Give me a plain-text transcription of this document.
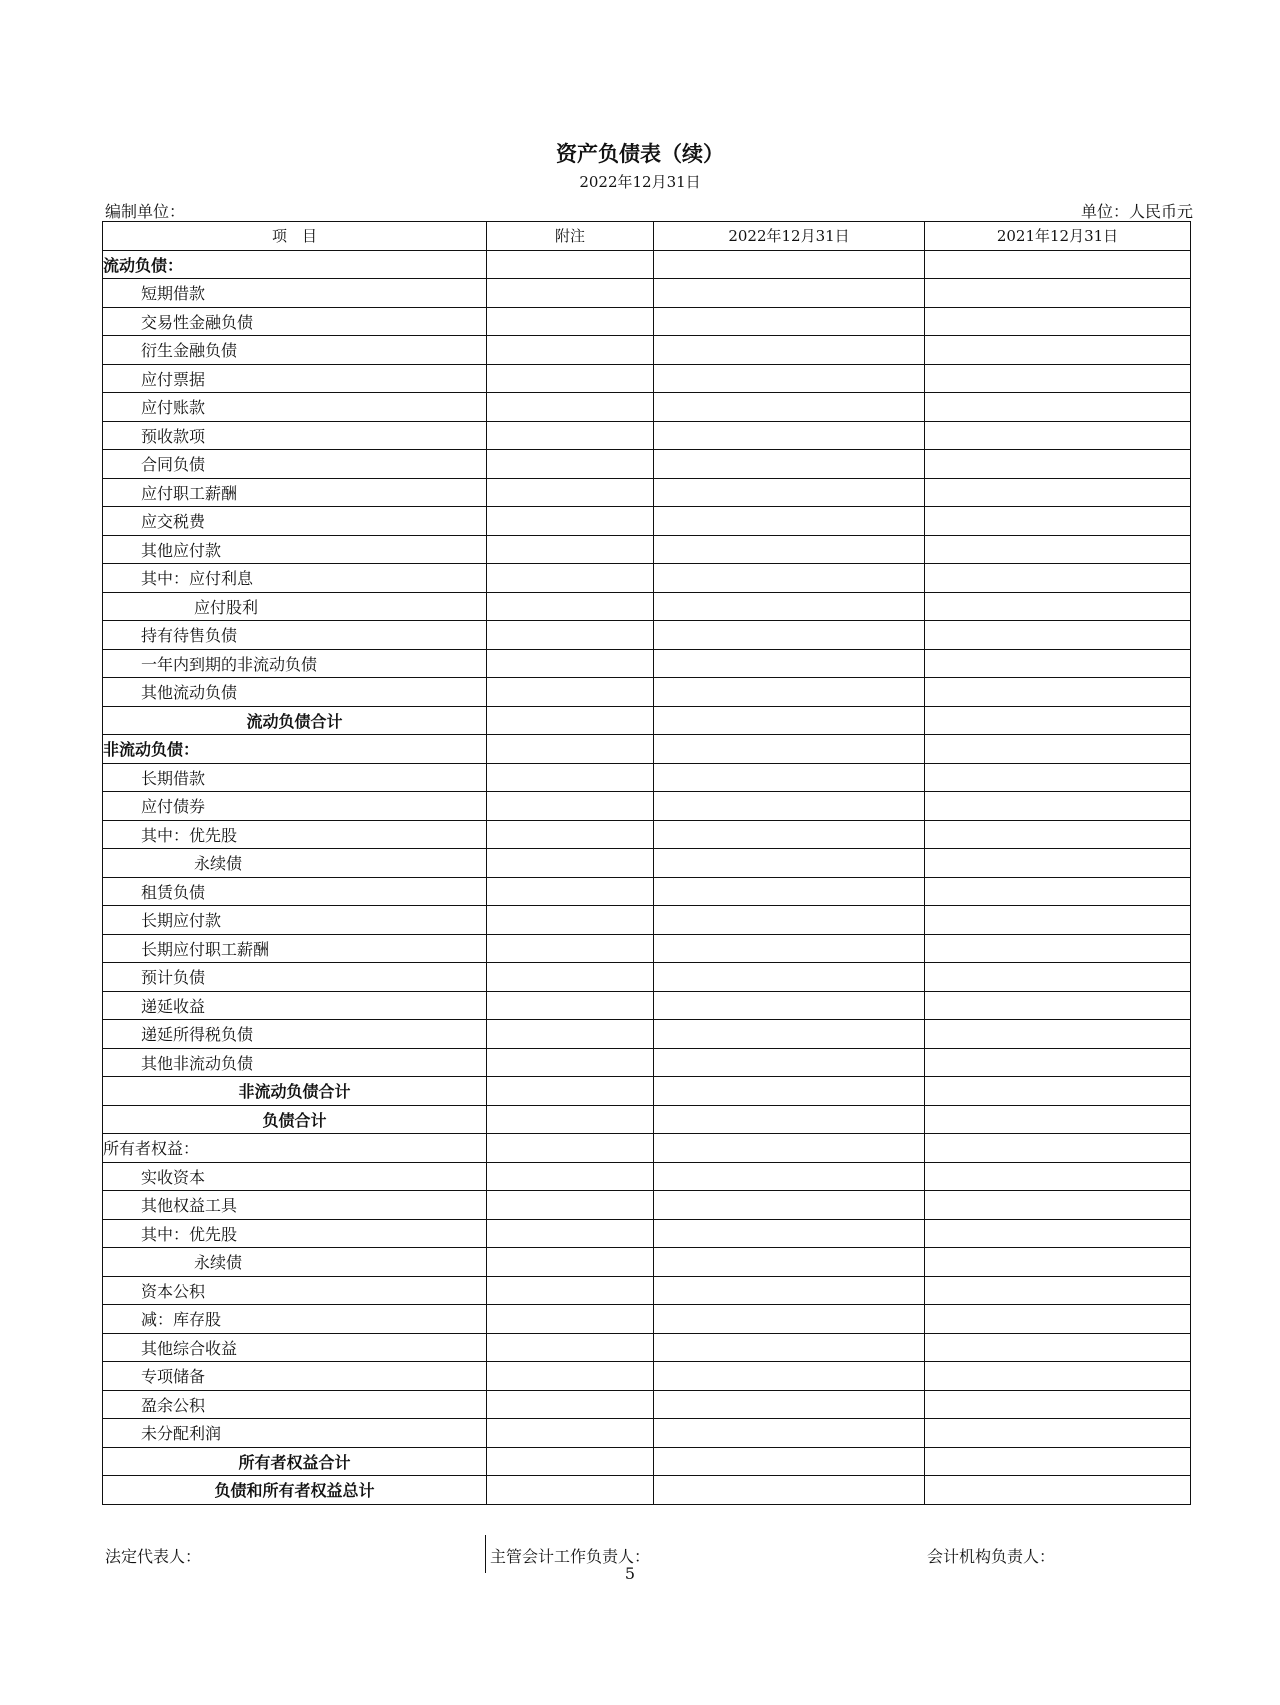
资产负债表（续）
2022年12月31日
编制单位：	单位：人民币元
项　目	附注	2022年12月31日	2021年12月31日
流动负债：			
短期借款			
交易性金融负债			
衍生金融负债			
应付票据			
应付账款			
预收款项			
合同负债			
应付职工薪酬			
应交税费			
其他应付款			
其中：应付利息			
应付股利			
持有待售负债			
一年内到期的非流动负债			
其他流动负债			
流动负债合计			
非流动负债：			
长期借款			
应付债券			
其中：优先股			
永续债			
租赁负债			
长期应付款			
长期应付职工薪酬			
预计负债			
递延收益			
递延所得税负债			
其他非流动负债			
非流动负债合计			
负债合计			
所有者权益：			
实收资本			
其他权益工具			
其中：优先股			
永续债			
资本公积			
减：库存股			
其他综合收益			
专项储备			
盈余公积			
未分配利润			
所有者权益合计			
负债和所有者权益总计			
法定代表人：	主管会计工作负责人：	会计机构负责人：
5
